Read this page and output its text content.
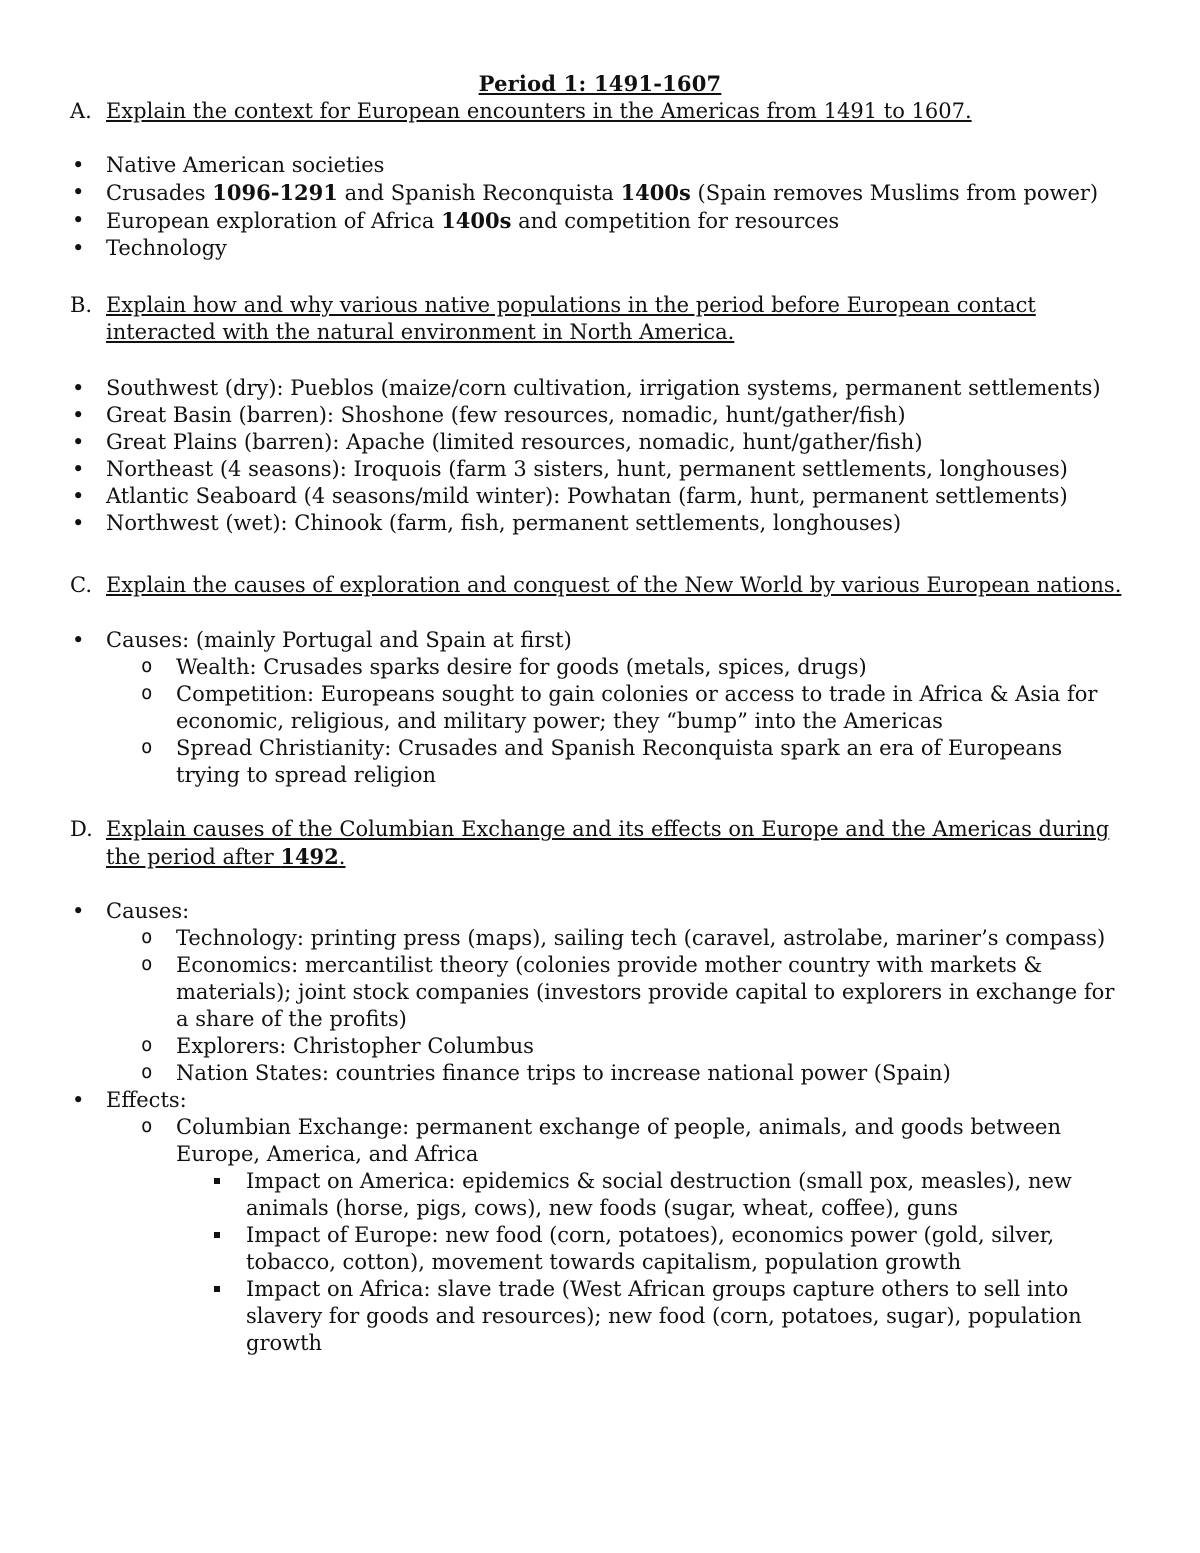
Period 1: 1491-1607
A. Explain the context for European encounters in the Americas from 1491 to 1607.
• Native American societies
• Crusades 1096-1291 and Spanish Reconquista 1400s (Spain removes Muslims from power)
• European exploration of Africa 1400s and competition for resources
• Technology
B. Explain how and why various native populations in the period before European contact interacted with the natural environment in North America.
• Southwest (dry): Pueblos (maize/corn cultivation, irrigation systems, permanent settlements)
• Great Basin (barren): Shoshone (few resources, nomadic, hunt/gather/fish)
• Great Plains (barren): Apache (limited resources, nomadic, hunt/gather/fish)
• Northeast (4 seasons): Iroquois (farm 3 sisters, hunt, permanent settlements, longhouses)
• Atlantic Seaboard (4 seasons/mild winter): Powhatan (farm, hunt, permanent settlements)
• Northwest (wet): Chinook (farm, fish, permanent settlements, longhouses)
C. Explain the causes of exploration and conquest of the New World by various European nations.
• Causes: (mainly Portugal and Spain at first)
o Wealth: Crusades sparks desire for goods (metals, spices, drugs)
o Competition: Europeans sought to gain colonies or access to trade in Africa & Asia for economic, religious, and military power; they “bump” into the Americas
o Spread Christianity: Crusades and Spanish Reconquista spark an era of Europeans trying to spread religion
D. Explain causes of the Columbian Exchange and its effects on Europe and the Americas during the period after 1492.
• Causes:
o Technology: printing press (maps), sailing tech (caravel, astrolabe, mariner’s compass)
o Economics: mercantilist theory (colonies provide mother country with markets & materials); joint stock companies (investors provide capital to explorers in exchange for a share of the profits)
o Explorers: Christopher Columbus
o Nation States: countries finance trips to increase national power (Spain)
• Effects:
o Columbian Exchange: permanent exchange of people, animals, and goods between Europe, America, and Africa
Impact on America: epidemics & social destruction (small pox, measles), new animals (horse, pigs, cows), new foods (sugar, wheat, coffee), guns
Impact of Europe: new food (corn, potatoes), economics power (gold, silver, tobacco, cotton), movement towards capitalism, population growth
Impact on Africa: slave trade (West African groups capture others to sell into slavery for goods and resources); new food (corn, potatoes, sugar), population growth
